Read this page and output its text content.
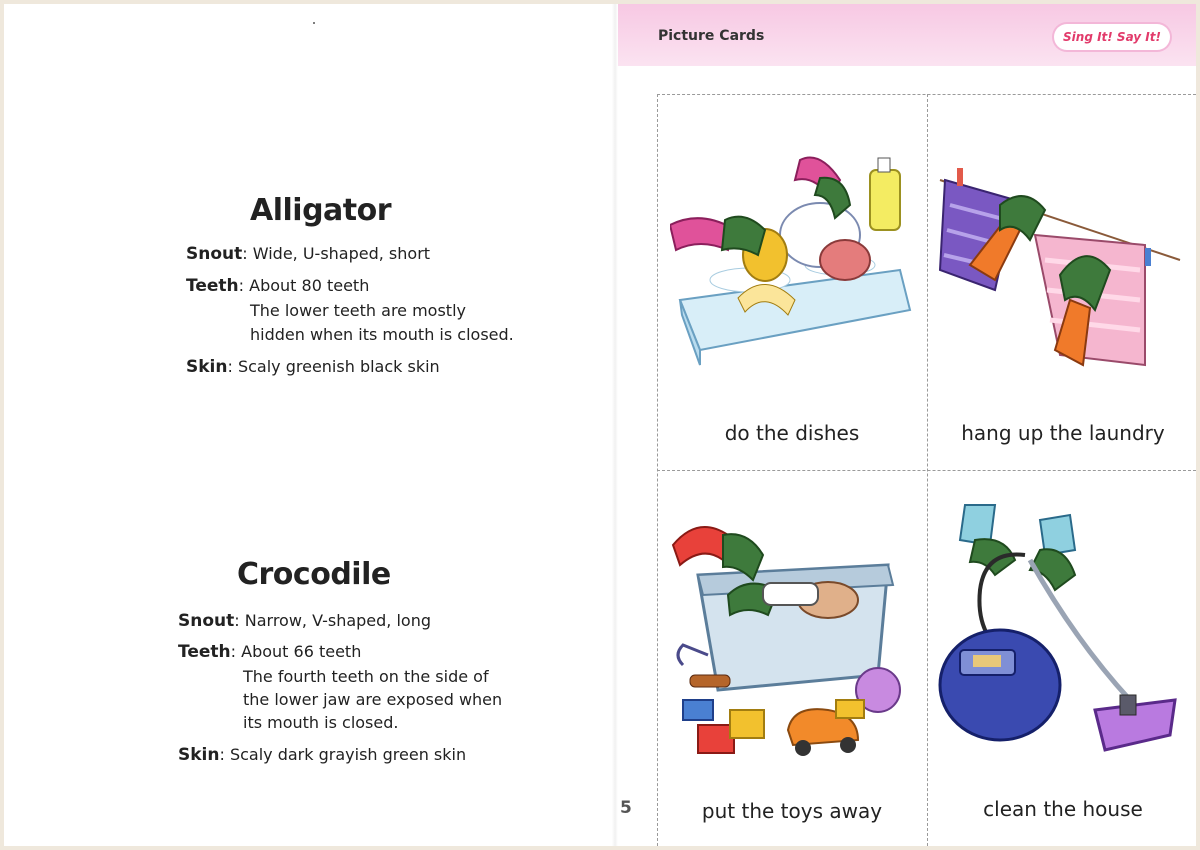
Alligator
Snout: Wide, U-shaped, short
Teeth: About 80 teeth
The lower teeth are mostly
hidden when its mouth is closed.
Skin: Scaly greenish black skin
Crocodile
Snout: Narrow, V-shaped, long
Teeth: About 66 teeth
The fourth teeth on the side of
the lower jaw are exposed when
its mouth is closed.
Skin: Scaly dark grayish green skin
Picture Cards	Sing It! Say It!
do the dishes	hang up the laundry
put the toys away	clean the house
5
